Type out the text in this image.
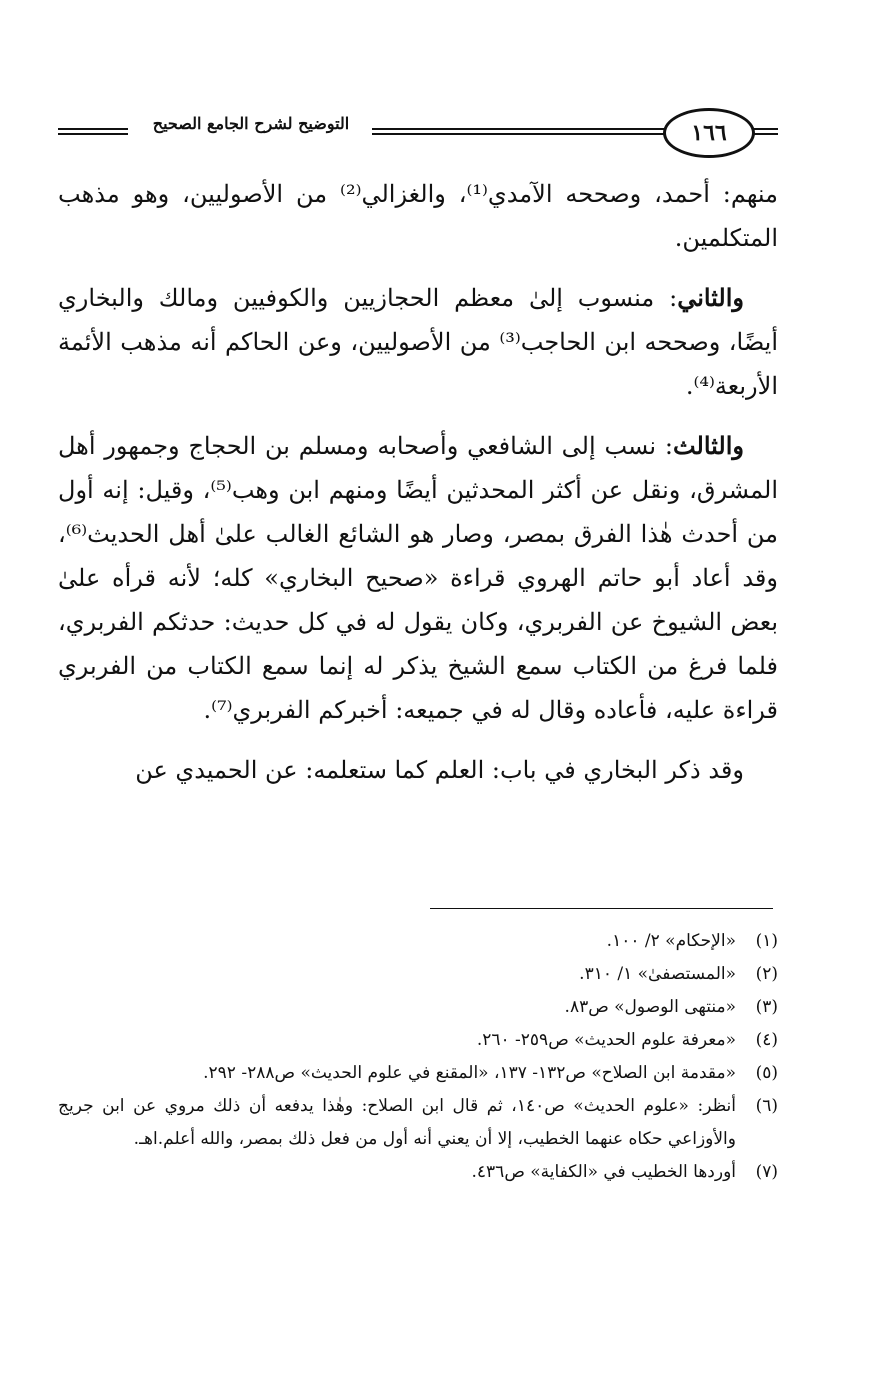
التوضيح لشرح الجامع الصحيح	١٦٦

منهم: أحمد، وصححه الآمدي⁽¹⁾، والغزالي⁽²⁾ من الأصوليين، وهو مذهب المتكلمين.

والثاني: منسوب إلىٰ معظم الحجازيين والكوفيين ومالك والبخاري أيضًا، وصححه ابن الحاجب⁽³⁾ من الأصوليين، وعن الحاكم أنه مذهب الأئمة الأربعة⁽⁴⁾.

والثالث: نسب إلى الشافعي وأصحابه ومسلم بن الحجاج وجمهور أهل المشرق، ونقل عن أكثر المحدثين أيضًا ومنهم ابن وهب⁽⁵⁾، وقيل: إنه أول من أحدث هٰذا الفرق بمصر، وصار هو الشائع الغالب علىٰ أهل الحديث⁽⁶⁾، وقد أعاد أبو حاتم الهروي قراءة «صحيح البخاري» كله؛ لأنه قرأه علىٰ بعض الشيوخ عن الفربري، وكان يقول له في كل حديث: حدثكم الفربري، فلما فرغ من الكتاب سمع الشيخ يذكر له إنما سمع الكتاب من الفربري قراءة عليه، فأعاده وقال له في جميعه: أخبركم الفربري⁽⁷⁾.

وقد ذكر البخاري في باب: العلم كما ستعلمه: عن الحميدي عن

(١)
«الإحكام» ٢/ ١٠٠.
(٢)
«المستصفىٰ» ١/ ٣١٠.
(٣)
«منتهى الوصول» ص٨٣.
(٤)
«معرفة علوم الحديث» ص٢٥٩- ٢٦٠.
(٥)
«مقدمة ابن الصلاح» ص١٣٢- ١٣٧، «المقنع في علوم الحديث» ص٢٨٨- ٢٩٢.
(٦)
أنظر: «علوم الحديث» ص١٤٠، ثم قال ابن الصلاح: وهٰذا يدفعه أن ذلك مروي عن ابن جريج والأوزاعي حكاه عنهما الخطيب، إلا أن يعني أنه أول من فعل ذلك بمصر، والله أعلم.اهـ.
(٧)
أوردها الخطيب في «الكفاية» ص٤٣٦.
